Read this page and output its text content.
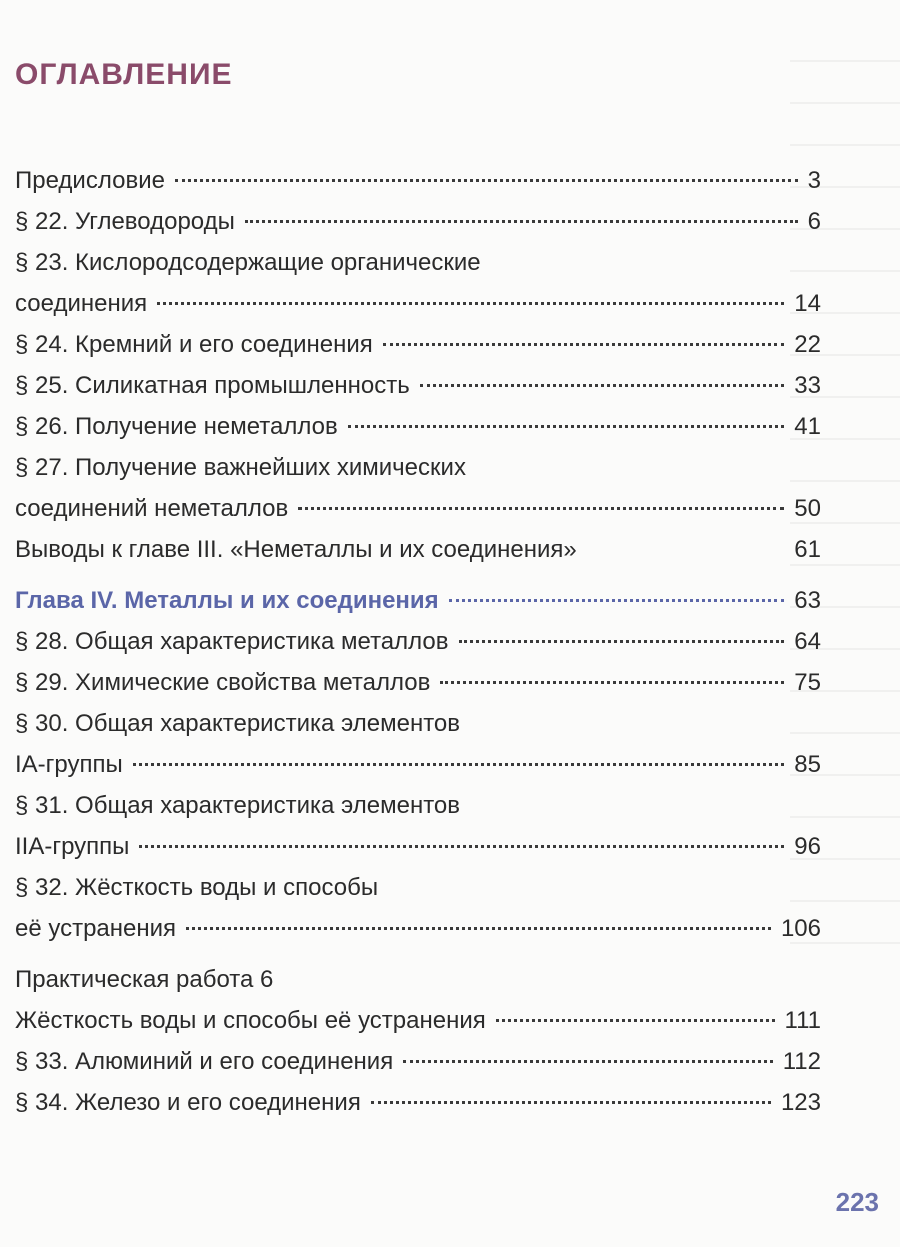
ОГЛАВЛЕНИЕ
Предисловие	3
§ 22. Углеводороды	6
§ 23. Кислородсодержащие органические
соединения	14
§ 24. Кремний и его соединения	22
§ 25. Силикатная промышленность	33
§ 26. Получение неметаллов	41
§ 27. Получение важнейших химических
соединений неметаллов	50
Выводы к главе III. «Неметаллы и их соединения»	61
Глава IV. Металлы и их соединения	63
§ 28. Общая характеристика металлов	64
§ 29. Химические свойства металлов	75
§ 30. Общая характеристика элементов
IA-группы	85
§ 31. Общая характеристика элементов
IIA-группы	96
§ 32. Жёсткость воды и способы
её устранения	106
Практическая работа 6
Жёсткость воды и способы её устранения	111
§ 33. Алюминий и его соединения	112
§ 34. Железо и его соединения	123
223
